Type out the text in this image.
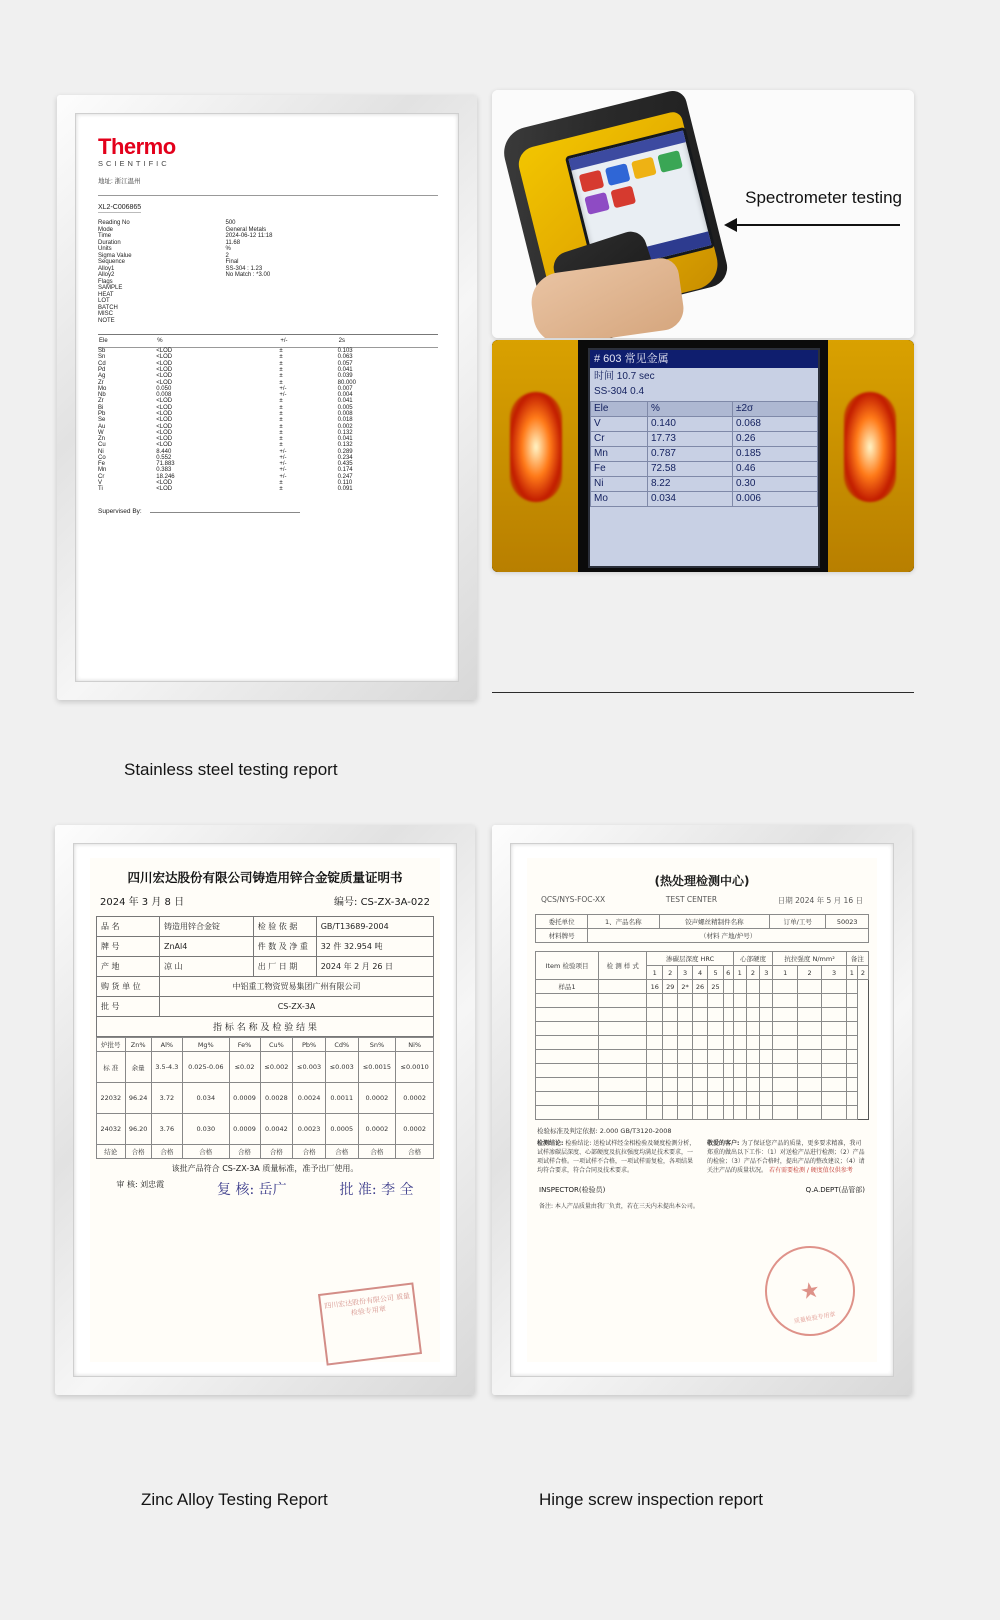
Thermo
SCIENTIFIC
地址: 浙江温州
XL2-C006865
Reading No	500
Mode	General Metals
Time	2024-06-12 11:18
Duration	11.68
Units	%
Sigma Value	2
Sequence	Final
Alloy1	SS-304 : 1.23
Alloy2	No Match : *3.00
Flags	
SAMPLE	
HEAT	
LOT	
BATCH	
MISC	
NOTE	
Ele	%	+/-	2s
Sb	<LOD	±	0.103
Sn	<LOD	±	0.063
Cd	<LOD	±	0.057
Pd	<LOD	±	0.041
Ag	<LOD	±	0.039
Zr	<LOD	±	80.000
Mo	0.050	+/-	0.007
Nb	0.008	+/-	0.004
Zr	<LOD	±	0.041
Bi	<LOD	±	0.005
Pb	<LOD	±	0.008
Se	<LOD	±	0.018
Au	<LOD	±	0.002
W	<LOD	±	0.132
Zn	<LOD	±	0.041
Cu	<LOD	±	0.132
Ni	8.440	+/-	0.289
Co	0.552	+/-	0.234
Fe	71.883	+/-	0.435
Mn	0.383	+/-	0.174
Cr	18.246	+/-	0.247
V	<LOD	±	0.110
Ti	<LOD	±	0.091
Supervised By:
Spectrometer testing
# 603 常见金属
时间 10.7 sec
SS-304 0.4
Ele	%	±2σ
V	0.140	0.068
Cr	17.73	0.26
Mn	0.787	0.185
Fe	72.58	0.46
Ni	8.22	0.30
Mo	0.034	0.006
Stainless steel testing report
四川宏达股份有限公司铸造用锌合金锭质量证明书
2024 年 3 月 8 日	编号: CS-ZX-3A-022
品 名	铸造用锌合金锭	检 验 依 据	GB/T13689-2004
牌 号	ZnAl4	件 数 及 净 重	32 件 32.954 吨
产 地	凉 山	出 厂 日 期	2024 年 2 月 26 日
购 货 单 位	中铝重工物资贸易集团广州有限公司		
批 号	CS-ZX-3A		
指 标 名 称 及 检 验 结 果			
炉批号	Zn%	Al%	Mg%	Fe%	Cu%	Pb%	Cd%	Sn%	Ni%
标 准	余量	3.5-4.3	0.025-0.06	≤0.02	≤0.002	≤0.003	≤0.003	≤0.0015	≤0.0010
22032	96.24	3.72	0.034	0.0009	0.0028	0.0024	0.0011	0.0002	0.0002
24032	96.20	3.76	0.030	0.0009	0.0042	0.0023	0.0005	0.0002	0.0002
结论	合格	合格	合格	合格	合格	合格	合格	合格	合格
该批产品符合 CS-ZX-3A 质量标准，准予出厂使用。
审 核: 刘忠霞	复 核: 岳广	批 准: 李 全
四川宏达股份有限公司 质量检验专用章
(热处理检测中心)
QCS/NYS-FOC-XX	TEST CENTER	日期 2024 年 5 月 16 日
委托单位	1、产品名称	铰声螺丝精制件名称	订单/工号	50023
材料牌号	（材料 产地/炉号）			
Item 检验项目	检 测 样 式	渗碳层深度 HRC						心部硬度			抗拉强度 N/mm²			备注	
		1	2	3	4	5	6	1	2	3	1	2	3	1	2
样品1		16	29	2*	26	25									

检验标准及判定依据: 2.000 GB/T3120-2008
检测结论: 检验结论: 送检试样经金相检验及硬度检测分析，试样渗碳层深度、心部硬度及抗拉强度均满足技术要求，一项试样合格。一项试样不合格，一项试样需复检，各项结果均符合要求，符合合同及技术要求。
敬爱的客户: 为了保证您产品的质量，更多要求精准，我司郑重的做出以下工作：（1）对送检产品进行检测；（2）产品的检验；（3）产品不合格时，提出产品的整改建议；（4）请关注产品的质量状况。 若有需要检测 / 硬度值仅供参考
INSPECTOR(检验员)	Q.A.DEPT(品管部)
备注: 本人产品质量由我厂负责，若在三天内未提出本公司。
★
质量检验专用章
Zinc Alloy Testing Report	Hinge screw inspection report
